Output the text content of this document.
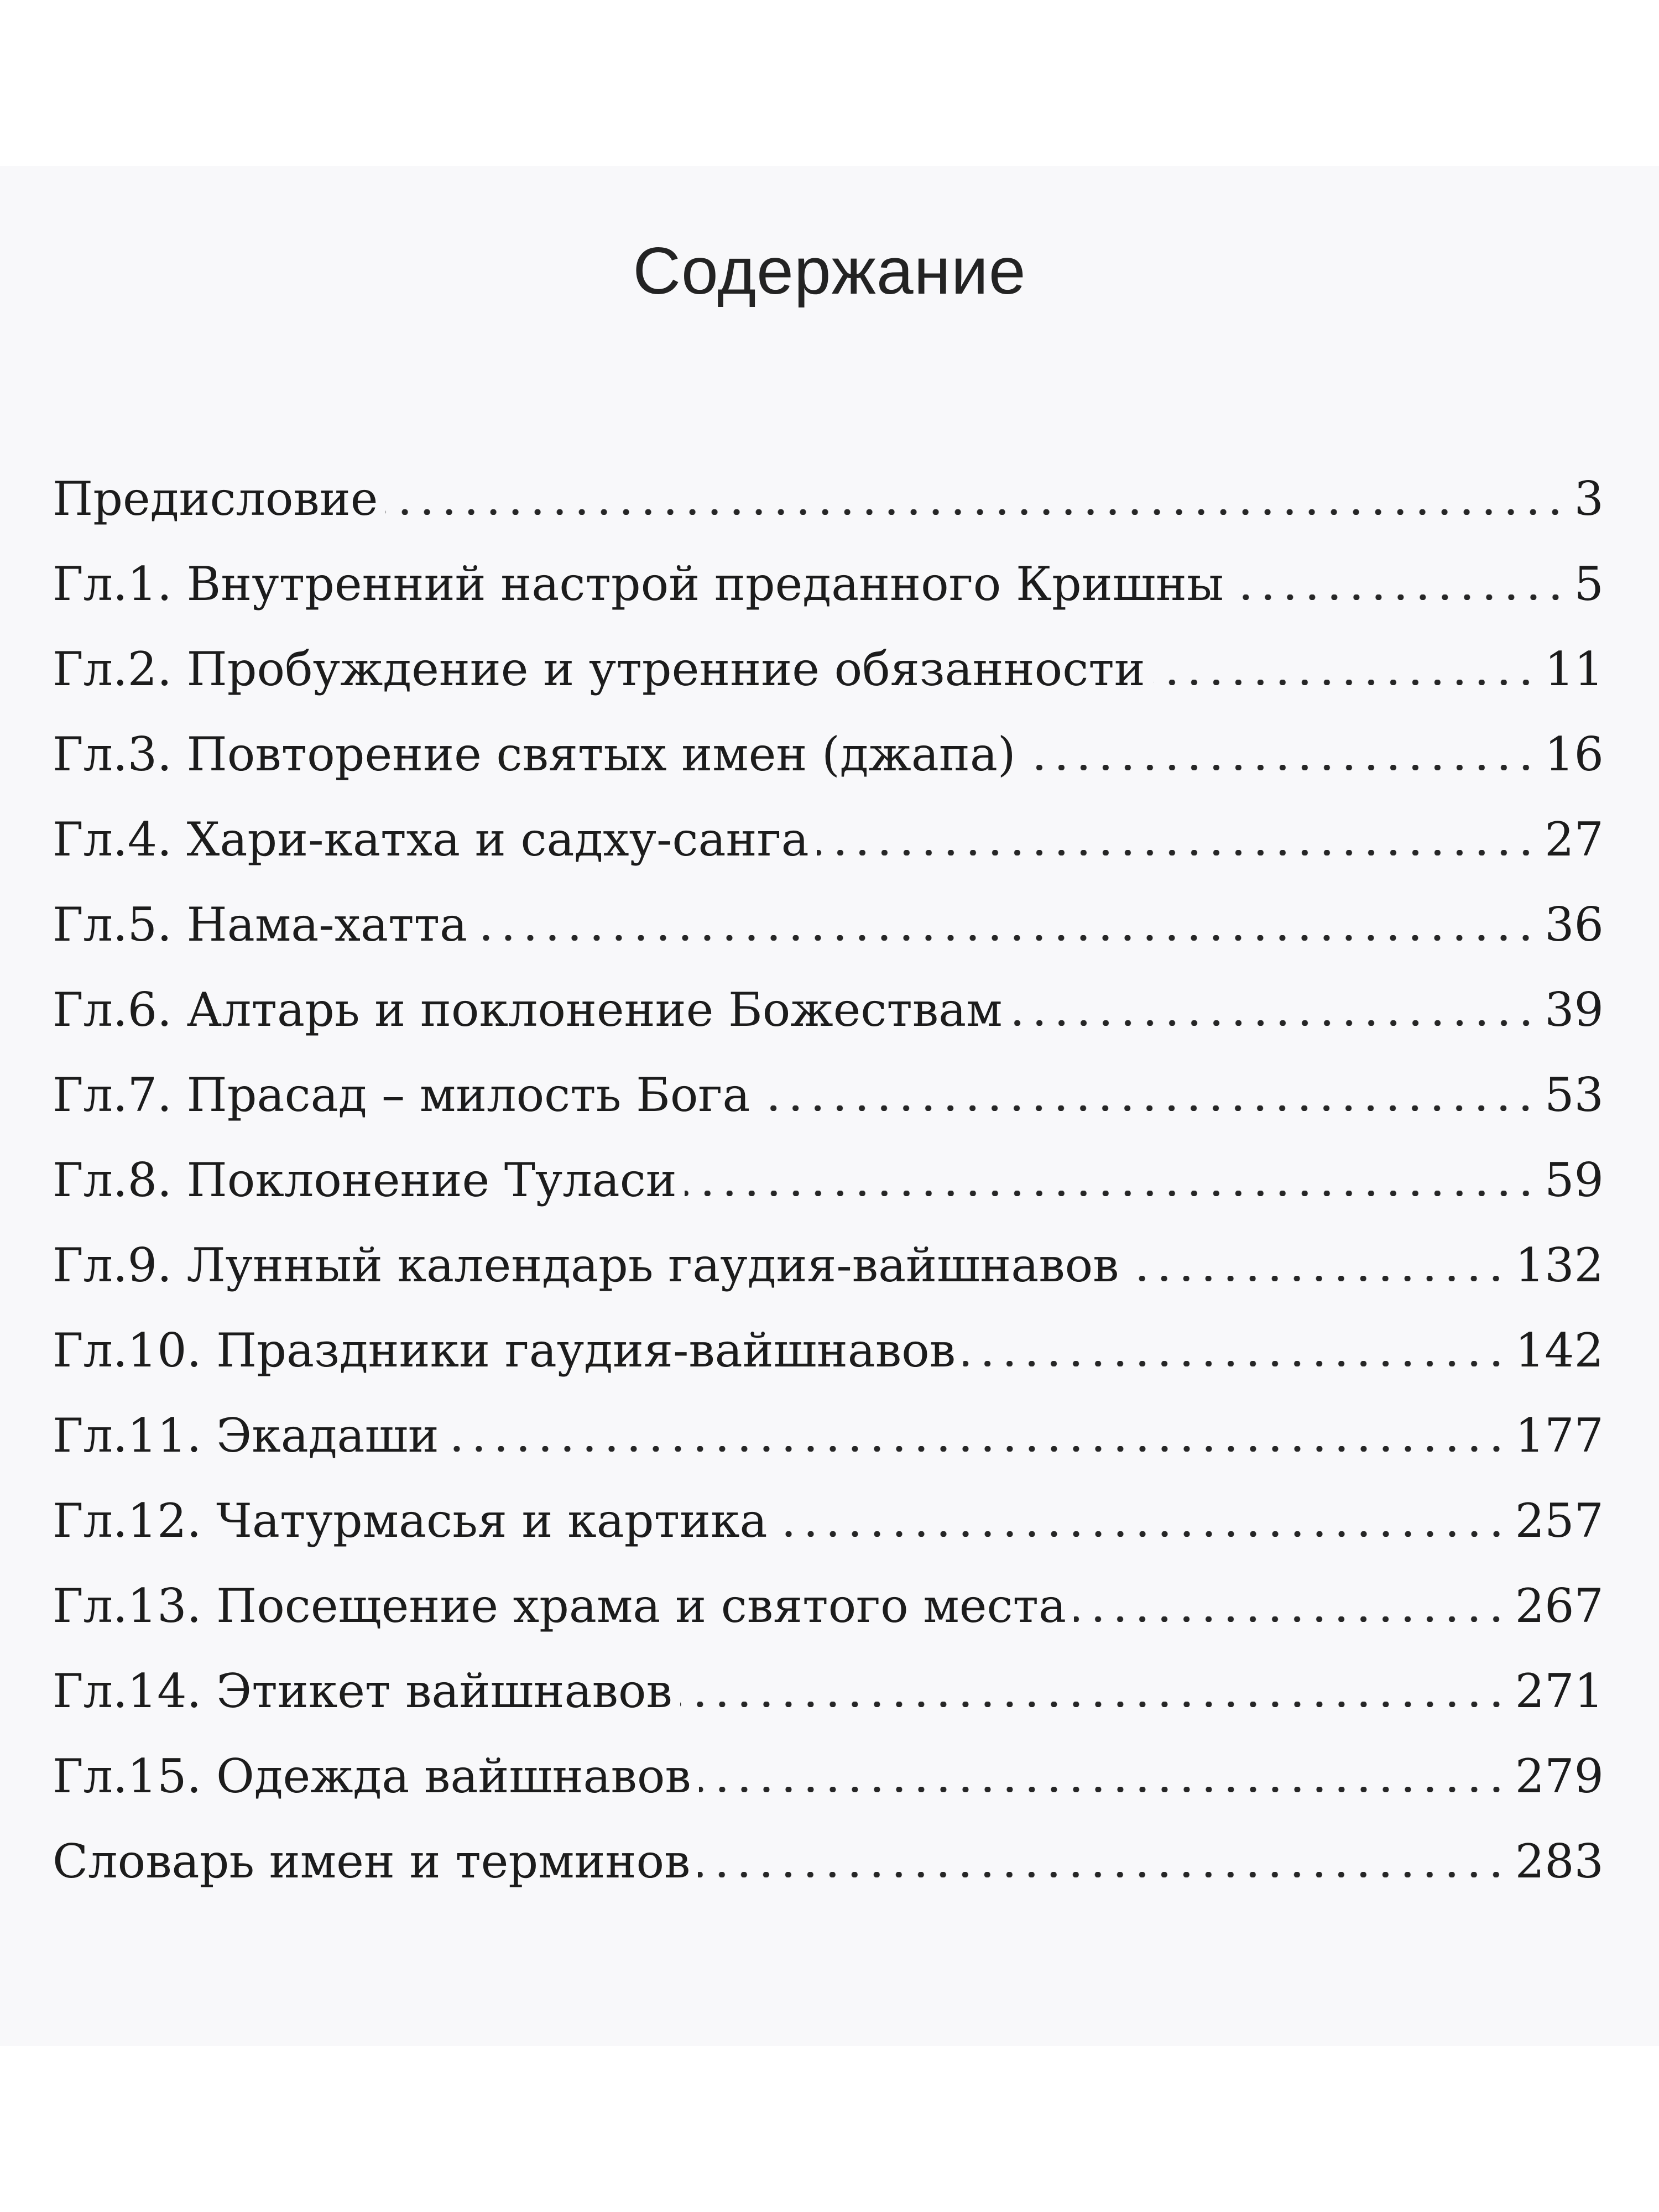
Содержание
Предисловие	3
Гл.1. Внутренний настрой преданного Кришны	5
Гл.2. Пробуждение и утренние обязанности	11
Гл.3. Повторение святых имен (джапа)	16
Гл.4. Хари-катха и садху-санга	27
Гл.5. Нама-хатта	36
Гл.6. Алтарь и поклонение Божествам	39
Гл.7. Прасад – милость Бога	53
Гл.8. Поклонение Туласи	59
Гл.9. Лунный календарь гаудия-вайшнавов	132
Гл.10. Праздники гаудия-вайшнавов	142
Гл.11. Экадаши	177
Гл.12. Чатурмасья и картика	257
Гл.13. Посещение храма и святого места	267
Гл.14. Этикет вайшнавов	271
Гл.15. Одежда вайшнавов	279
Словарь имен и терминов	283
